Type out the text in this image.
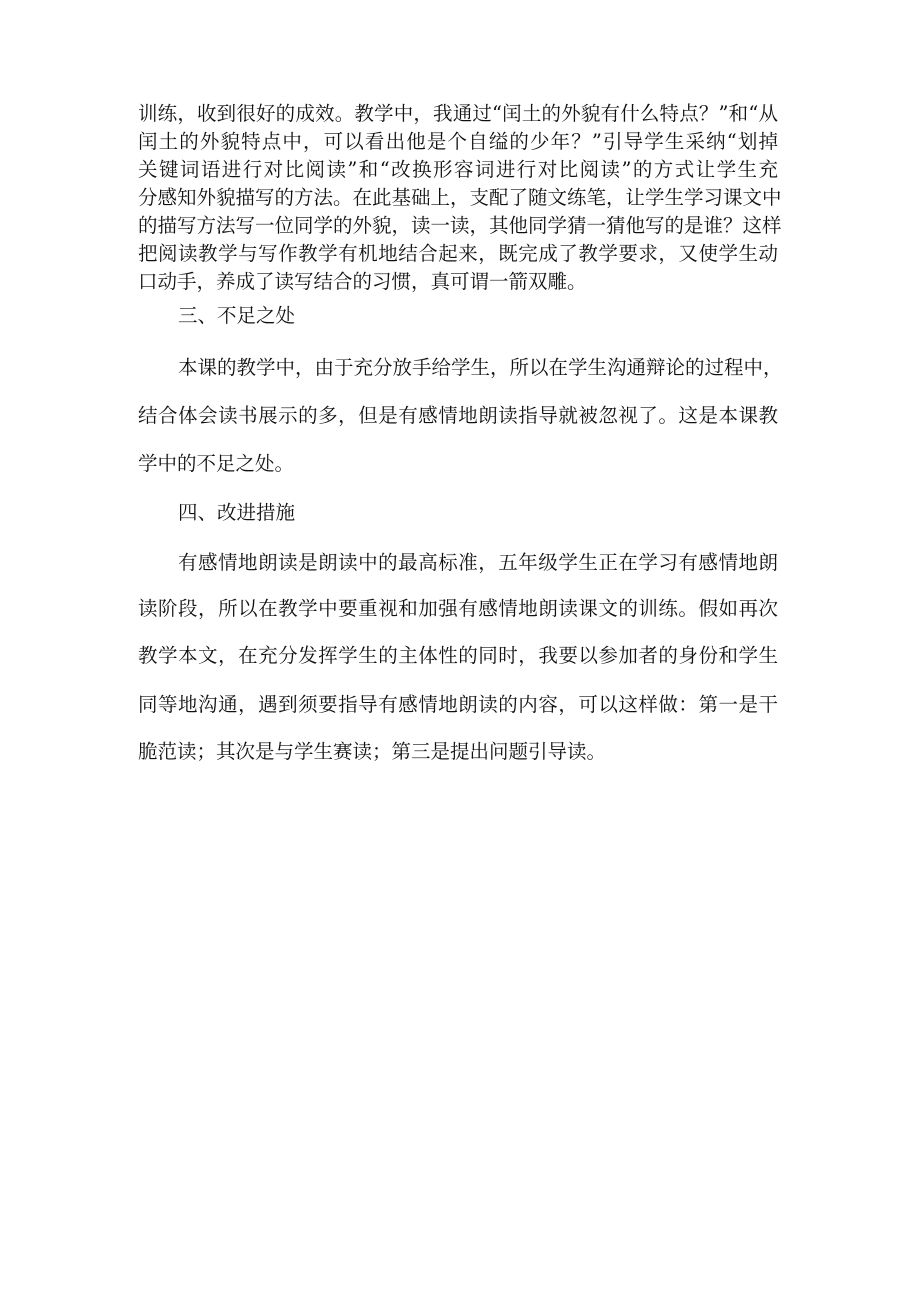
训练，收到很好的成效。教学中，我通过“闰土的外貌有什么特点？”和“从
闰土的外貌特点中，可以看出他是个自缢的少年？”引导学生采纳“划掉
关键词语进行对比阅读”和“改换形容词进行对比阅读”的方式让学生充
分感知外貌描写的方法。在此基础上，支配了随文练笔，让学生学习课文中
的描写方法写一位同学的外貌，读一读，其他同学猜一猜他写的是谁？这样
把阅读教学与写作教学有机地结合起来，既完成了教学要求，又使学生动
口动手，养成了读写结合的习惯，真可谓一箭双雕。
三、不足之处
本课的教学中，由于充分放手给学生，所以在学生沟通辩论的过程中，
结合体会读书展示的多，但是有感情地朗读指导就被忽视了。这是本课教
学中的不足之处。
四、改进措施
有感情地朗读是朗读中的最高标准，五年级学生正在学习有感情地朗
读阶段，所以在教学中要重视和加强有感情地朗读课文的训练。假如再次
教学本文，在充分发挥学生的主体性的同时，我要以参加者的身份和学生
同等地沟通，遇到须要指导有感情地朗读的内容，可以这样做：第一是干
脆范读；其次是与学生赛读；第三是提出问题引导读。
